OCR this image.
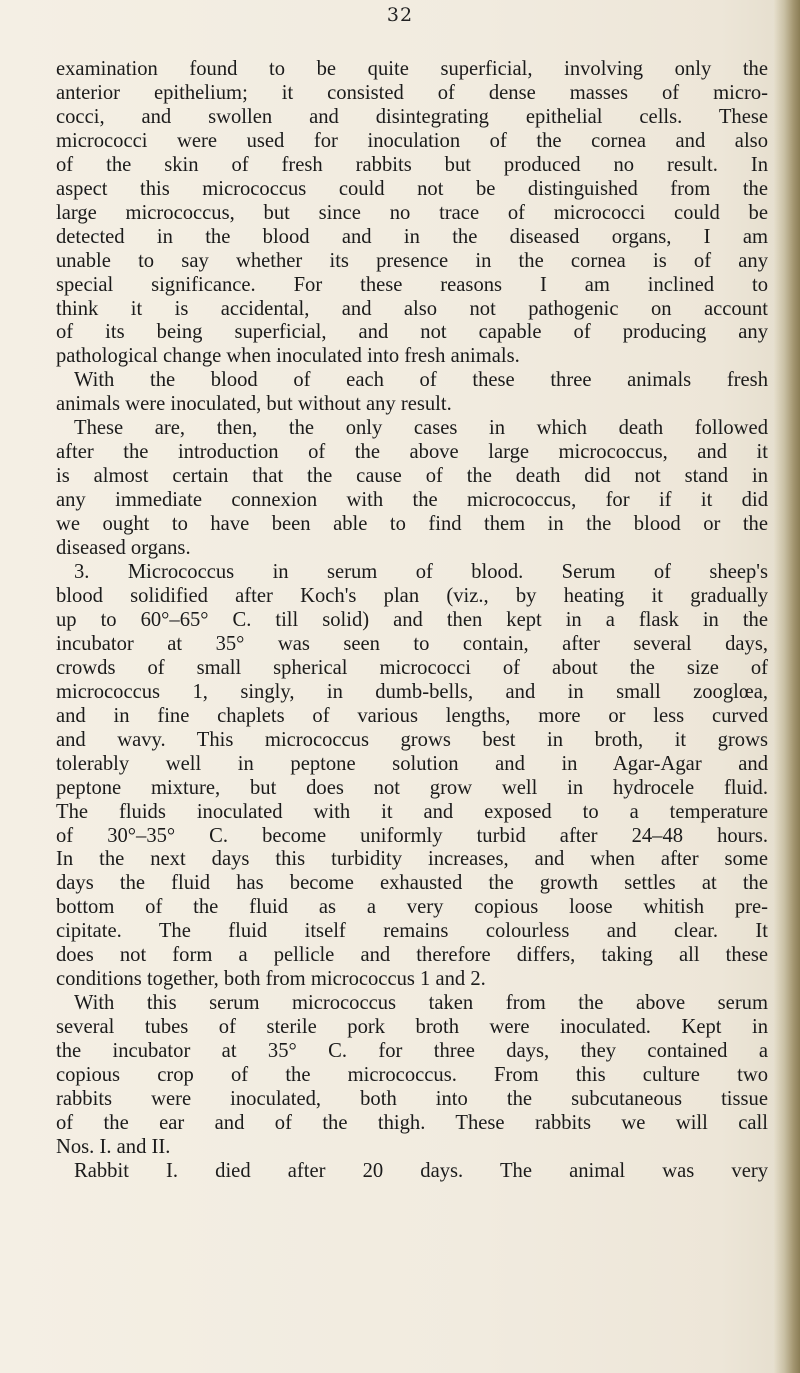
32
examination found to be quite superficial, involving only the
anterior epithelium; it consisted of dense masses of micro-
cocci, and swollen and disintegrating epithelial cells. These
micrococci were used for inoculation of the cornea and also
of the skin of fresh rabbits but produced no result. In
aspect this micrococcus could not be distinguished from the
large micrococcus, but since no trace of micrococci could be
detected in the blood and in the diseased organs, I am
unable to say whether its presence in the cornea is of any
special significance. For these reasons I am inclined to
think it is accidental, and also not pathogenic on account
of its being superficial, and not capable of producing any
pathological change when inoculated into fresh animals.
With the blood of each of these three animals fresh
animals were inoculated, but without any result.
These are, then, the only cases in which death followed
after the introduction of the above large micrococcus, and it
is almost certain that the cause of the death did not stand in
any immediate connexion with the micrococcus, for if it did
we ought to have been able to find them in the blood or the
diseased organs.
3. Micrococcus in serum of blood. Serum of sheep's
blood solidified after Koch's plan (viz., by heating it gradually
up to 60°–65° C. till solid) and then kept in a flask in the
incubator at 35° was seen to contain, after several days,
crowds of small spherical micrococci of about the size of
micrococcus 1, singly, in dumb-bells, and in small zooglœa,
and in fine chaplets of various lengths, more or less curved
and wavy. This micrococcus grows best in broth, it grows
tolerably well in peptone solution and in Agar-Agar and
peptone mixture, but does not grow well in hydrocele fluid.
The fluids inoculated with it and exposed to a temperature
of 30°–35° C. become uniformly turbid after 24–48 hours.
In the next days this turbidity increases, and when after some
days the fluid has become exhausted the growth settles at the
bottom of the fluid as a very copious loose whitish pre-
cipitate. The fluid itself remains colourless and clear. It
does not form a pellicle and therefore differs, taking all these
conditions together, both from micrococcus 1 and 2.
With this serum micrococcus taken from the above serum
several tubes of sterile pork broth were inoculated. Kept in
the incubator at 35° C. for three days, they contained a
copious crop of the micrococcus. From this culture two
rabbits were inoculated, both into the subcutaneous tissue
of the ear and of the thigh. These rabbits we will call
Nos. I. and II.
Rabbit I. died after 20 days. The animal was very
